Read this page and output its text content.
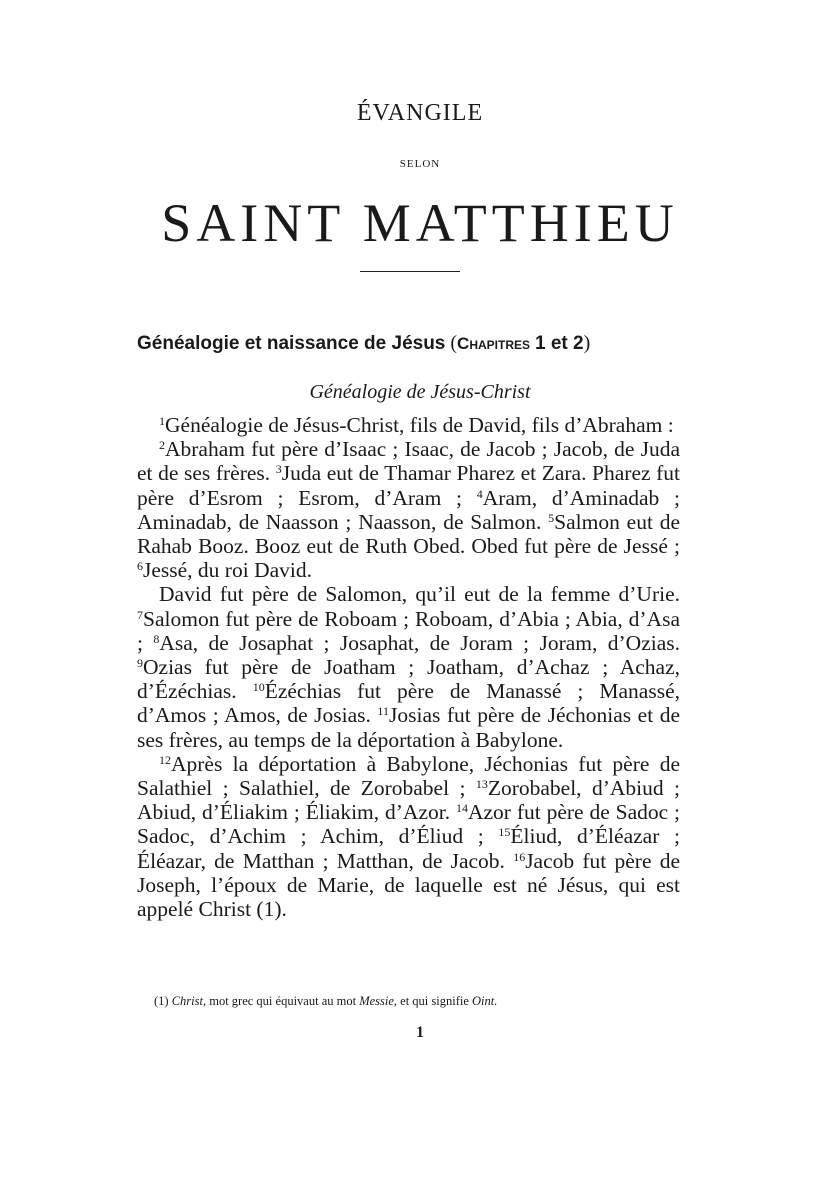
ÉVANGILE
SELON
SAINT MATTHIEU
Généalogie et naissance de Jésus (Chapitres 1 et 2)
Généalogie de Jésus-Christ

$^1$Généalogie de Jésus-Christ, fils de David, fils d’Abraham :

$^2$Abraham fut père d’Isaac ; Isaac, de Jacob ; Jacob, de Juda et de ses frères. $^3$Juda eut de Thamar Pharez et Zara. Pharez fut père d’Esrom ; Esrom, d’Aram ; $^4$Aram, d’Aminadab ; Aminadab, de Naasson ; Naasson, de Salmon. $^5$Salmon eut de Rahab Booz. Booz eut de Ruth Obed. Obed fut père de Jessé ; $^6$Jessé, du roi David.

David fut père de Salomon, qu’il eut de la femme d’Urie. $^7$Salomon fut père de Roboam ; Roboam, d’Abia ; Abia, d’Asa ; $^8$Asa, de Josaphat ; Josaphat, de Joram ; Joram, d’Ozias. $^9$Ozias fut père de Joatham ; Joatham, d’Achaz ; Achaz, d’Ézéchias. $^{10}$Ézéchias fut père de Manassé ; Manassé, d’Amos ; Amos, de Josias. $^{11}$Josias fut père de Jéchonias et de ses frères, au temps de la déportation à Babylone.

$^{12}$Après la déportation à Babylone, Jéchonias fut père de Salathiel ; Salathiel, de Zorobabel ; $^{13}$Zorobabel, d’Abiud ; Abiud, d’Éliakim ; Éliakim, d’Azor. $^{14}$Azor fut père de Sadoc ; Sadoc, d’Achim ; Achim, d’Éliud ; $^{15}$Éliud, d’Éléazar ; Éléazar, de Matthan ; Matthan, de Jacob. $^{16}$Jacob fut père de Joseph, l’époux de Marie, de laquelle est né Jésus, qui est appelé Christ (1).

(1) Christ, mot grec qui équivaut au mot Messie, et qui signifie Oint.
1
